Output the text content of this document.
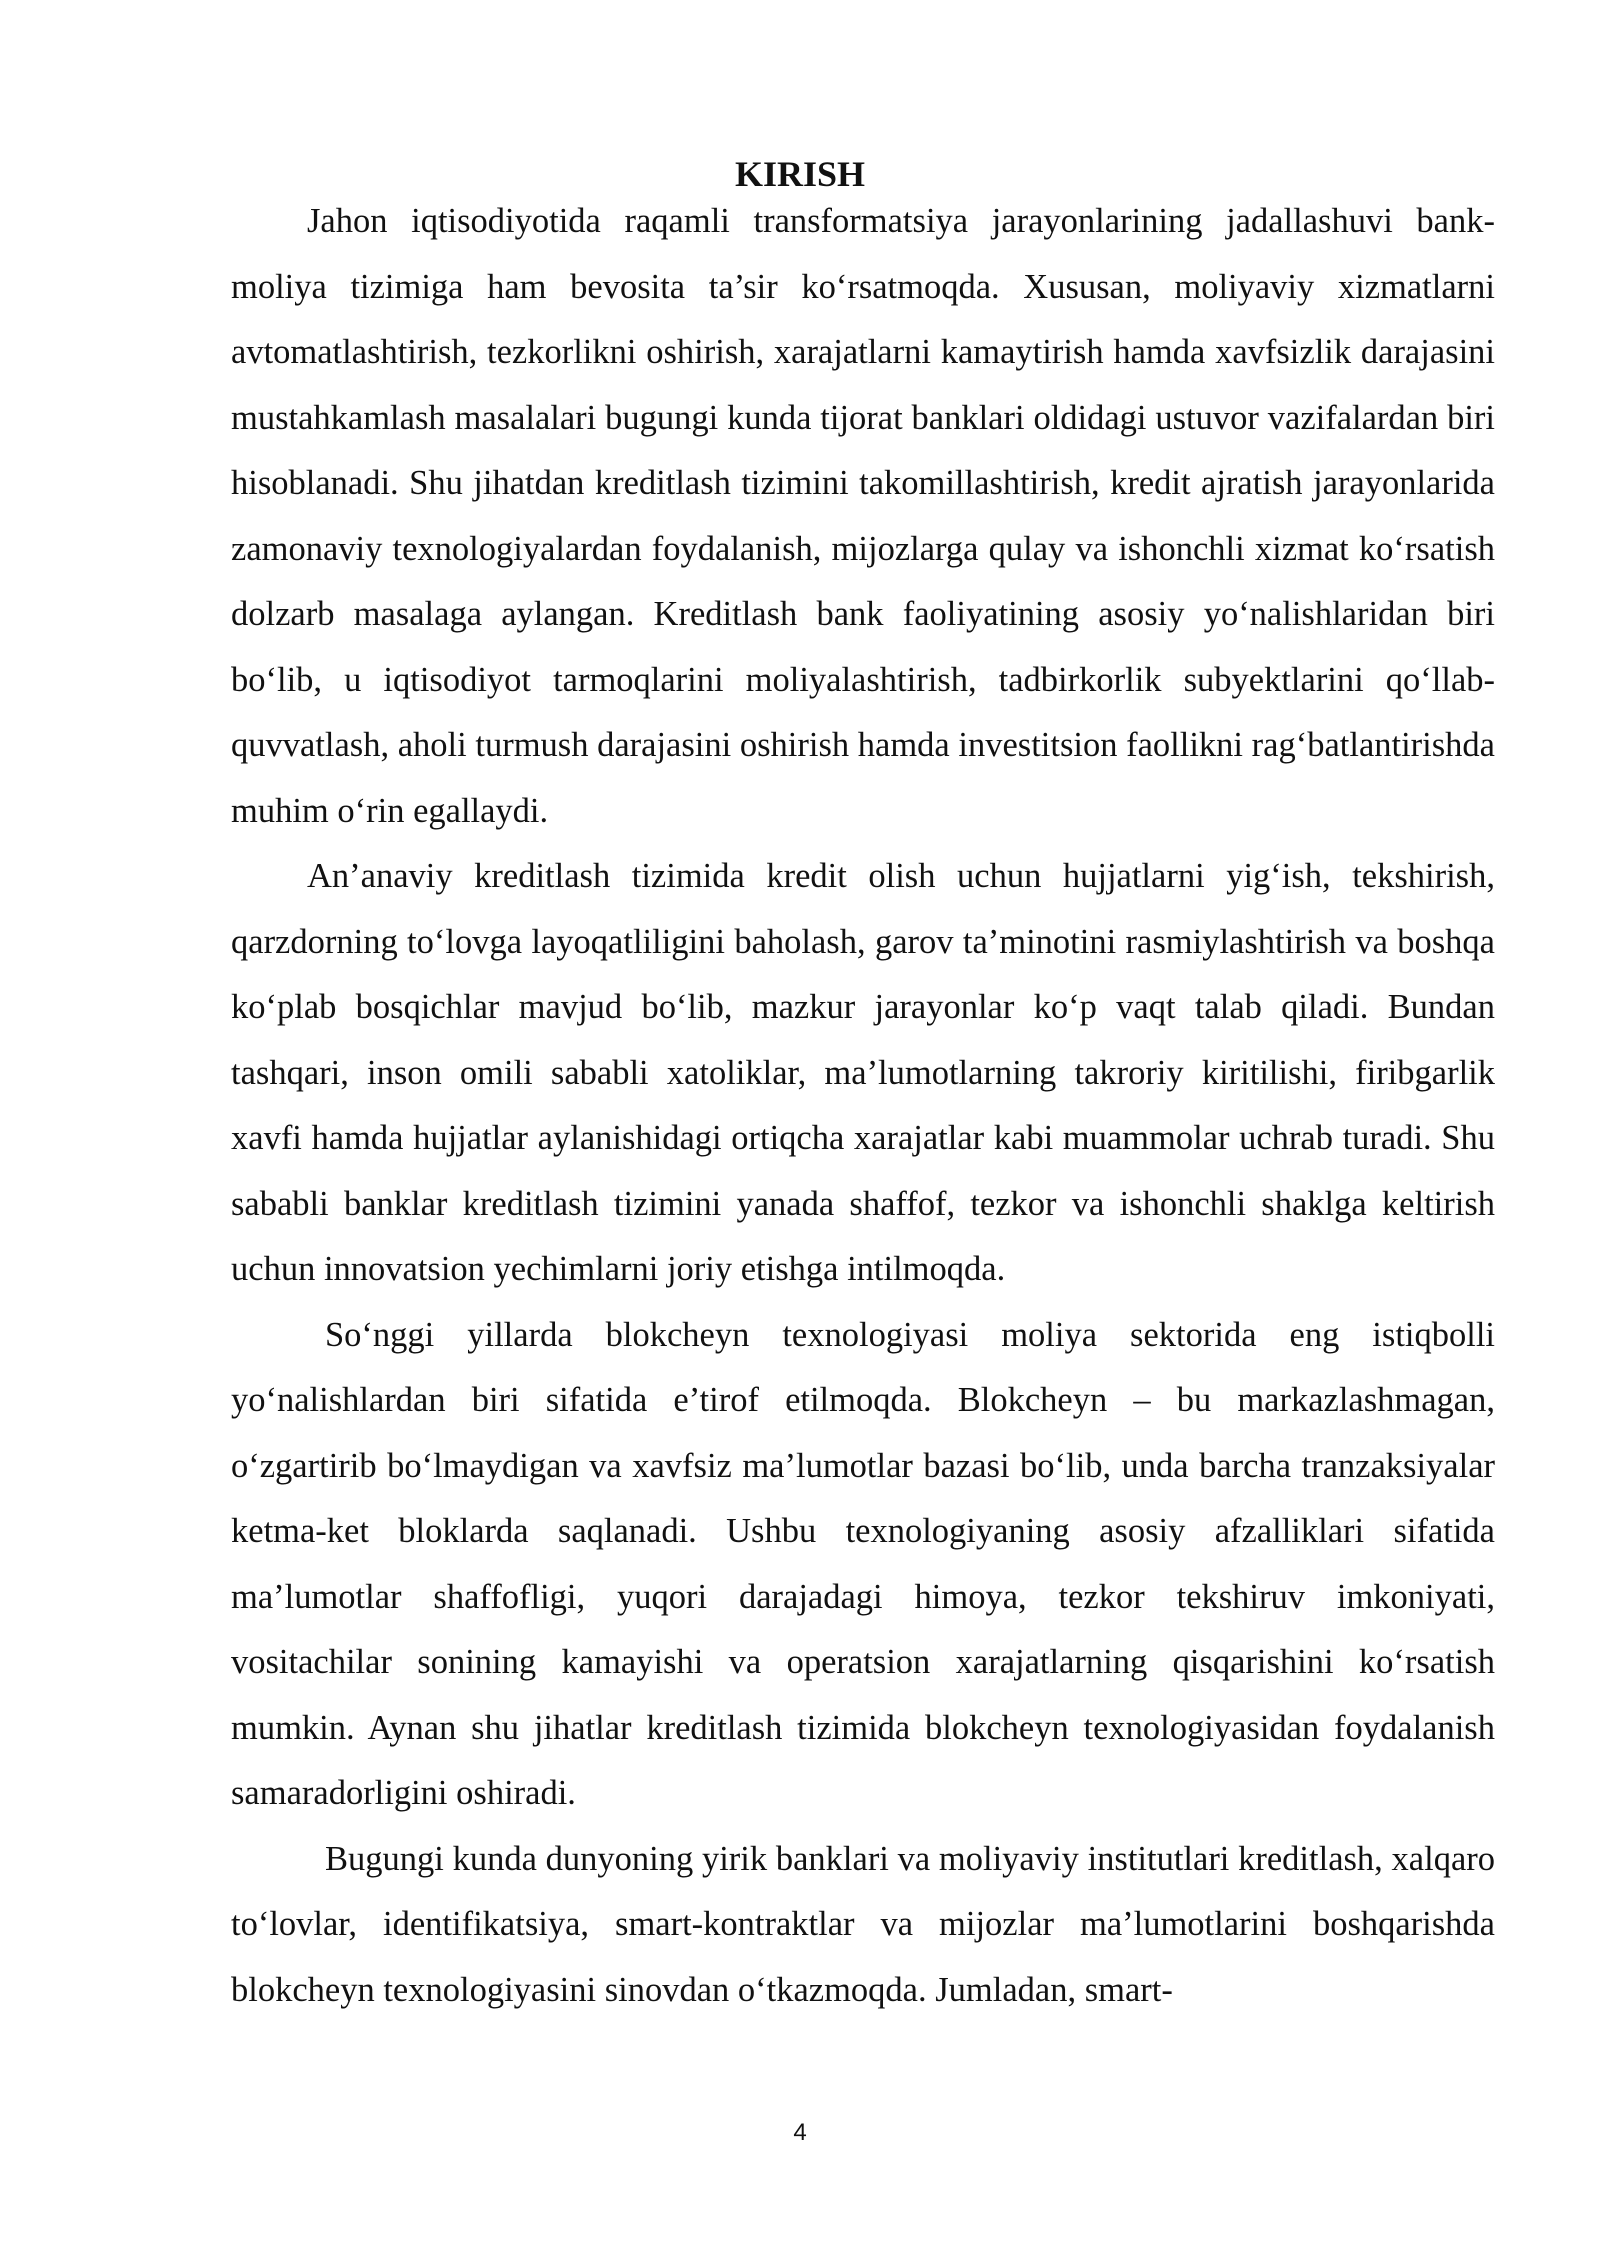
KIRISH

Jahon iqtisodiyotida raqamli transformatsiya jarayonlarining jadallashuvi bank-moliya tizimiga ham bevosita ta’sir ko‘rsatmoqda. Xususan, moliyaviy xizmatlarni avtomatlashtirish, tezkorlikni oshirish, xarajatlarni kamaytirish hamda xavfsizlik darajasini mustahkamlash masalalari bugungi kunda tijorat banklari oldidagi ustuvor vazifalardan biri hisoblanadi. Shu jihatdan kreditlash tizimini takomillashtirish, kredit ajratish jarayonlarida zamonaviy texnologiyalardan foydalanish, mijozlarga qulay va ishonchli xizmat ko‘rsatish dolzarb masalaga aylangan. Kreditlash bank faoliyatining asosiy yo‘nalishlaridan biri bo‘lib, u iqtisodiyot tarmoqlarini moliyalashtirish, tadbirkorlik subyektlarini qo‘llab-quvvatlash, aholi turmush darajasini oshirish hamda investitsion faollikni rag‘batlantirishda muhim o‘rin egallaydi.

An’anaviy kreditlash tizimida kredit olish uchun hujjatlarni yig‘ish, tekshirish, qarzdorning to‘lovga layoqatliligini baholash, garov ta’minotini rasmiylashtirish va boshqa ko‘plab bosqichlar mavjud bo‘lib, mazkur jarayonlar ko‘p vaqt talab qiladi. Bundan tashqari, inson omili sababli xatoliklar, ma’lumotlarning takroriy kiritilishi, firibgarlik xavfi hamda hujjatlar aylanishidagi ortiqcha xarajatlar kabi muammolar uchrab turadi. Shu sababli banklar kreditlash tizimini yanada shaffof, tezkor va ishonchli shaklga keltirish uchun innovatsion yechimlarni joriy etishga intilmoqda.

So‘nggi yillarda blokcheyn texnologiyasi moliya sektorida eng istiqbolli yo‘nalishlardan biri sifatida e’tirof etilmoqda. Blokcheyn – bu markazlashmagan, o‘zgartirib bo‘lmaydigan va xavfsiz ma’lumotlar bazasi bo‘lib, unda barcha tranzaksiyalar ketma-ket bloklarda saqlanadi. Ushbu texnologiyaning asosiy afzalliklari sifatida ma’lumotlar shaffofligi, yuqori darajadagi himoya, tezkor tekshiruv imkoniyati, vositachilar sonining kamayishi va operatsion xarajatlarning qisqarishini ko‘rsatish mumkin. Aynan shu jihatlar kreditlash tizimida blokcheyn texnologiyasidan foydalanish samaradorligini oshiradi.

Bugungi kunda dunyoning yirik banklari va moliyaviy institutlari kreditlash, xalqaro to‘lovlar, identifikatsiya, smart-kontraktlar va mijozlar ma’lumotlarini boshqarishda blokcheyn texnologiyasini sinovdan o‘tkazmoqda. Jumladan, smart-

4
